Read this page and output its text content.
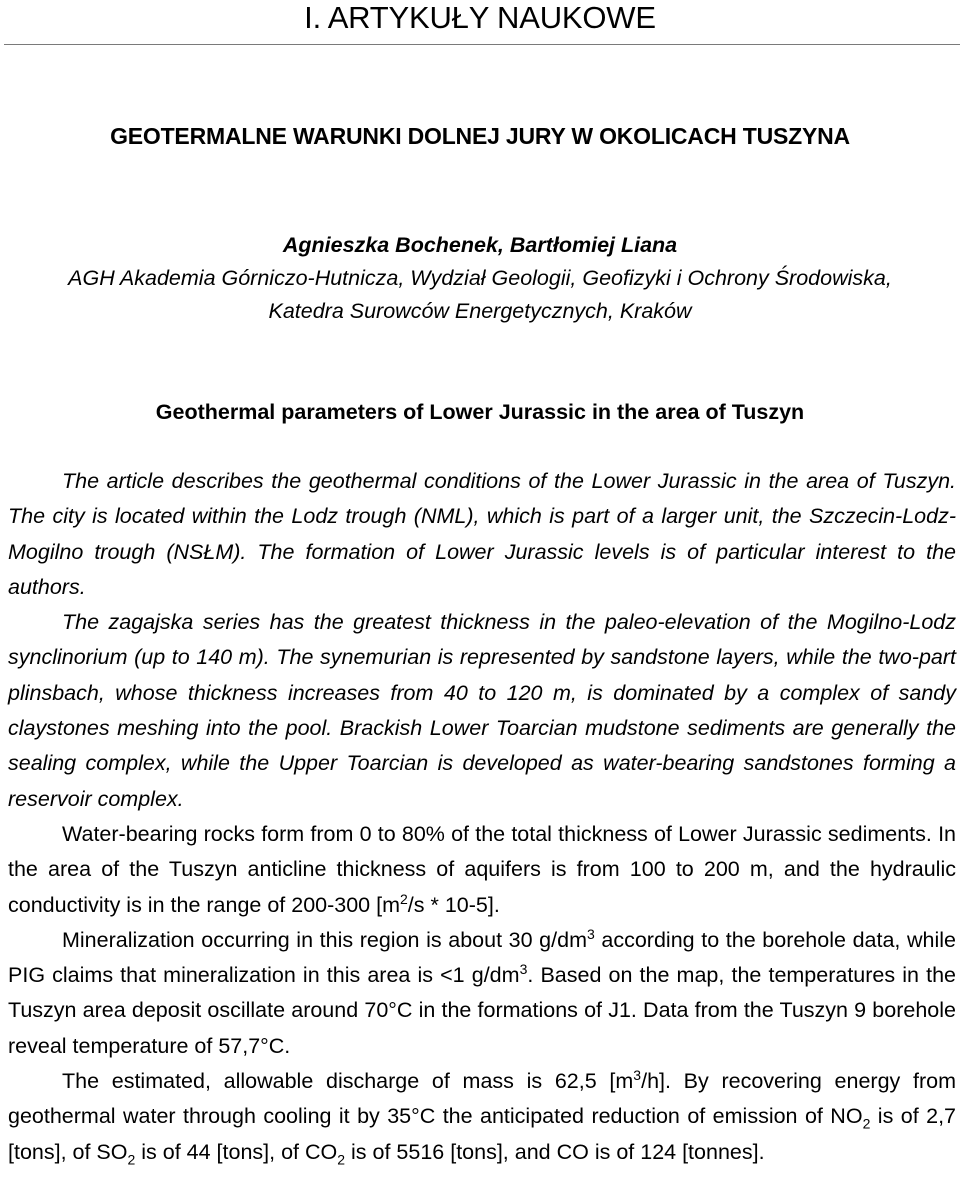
I. ARTYKUŁY NAUKOWE
GEOTERMALNE WARUNKI DOLNEJ JURY W OKOLICACH TUSZYNA
Agnieszka Bochenek, Bartłomiej Liana
AGH Akademia Górniczo-Hutnicza, Wydział Geologii, Geofizyki i Ochrony Środowiska,
Katedra Surowców Energetycznych, Kraków
Geothermal parameters of Lower Jurassic in the area of Tuszyn

The article describes the geothermal conditions of the Lower Jurassic in the area of Tuszyn. The city is located within the Lodz trough (NML), which is part of a larger unit, the Szczecin-Lodz-Mogilno trough (NSŁM). The formation of Lower Jurassic levels is of particular interest to the authors.

The zagajska series has the greatest thickness in the paleo-elevation of the Mogilno-Lodz synclinorium (up to 140 m). The synemurian is represented by sandstone layers, while the two-part plinsbach, whose thickness increases from 40 to 120 m, is dominated by a complex of sandy claystones meshing into the pool. Brackish Lower Toarcian mudstone sediments are generally the sealing complex, while the Upper Toarcian is developed as water-bearing sandstones forming a reservoir complex.

Water-bearing rocks form from 0 to 80% of the total thickness of Lower Jurassic sediments. In the area of the Tuszyn anticline thickness of aquifers is from 100 to 200 m, and the hydraulic conductivity is in the range of 200-300 $[m^2/s * 10-5]$.

Mineralization occurring in this region is about 30 $g/dm^3$ according to the borehole data, while PIG claims that mineralization in this area is <1 $g/dm^3$. Based on the map, the temperatures in the Tuszyn area deposit oscillate around 70°C in the formations of J1. Data from the Tuszyn 9 borehole reveal temperature of 57,7°C.

The estimated, allowable discharge of mass is 62,5 $[m^3/h]$. By recovering energy from geothermal water through cooling it by 35°C the anticipated reduction of emission of $NO_2$ is of 2,7 [tons], of $SO_2$ is of 44 [tons], of $CO_2$ is of 5516 [tons], and CO is of 124 [tonnes].
